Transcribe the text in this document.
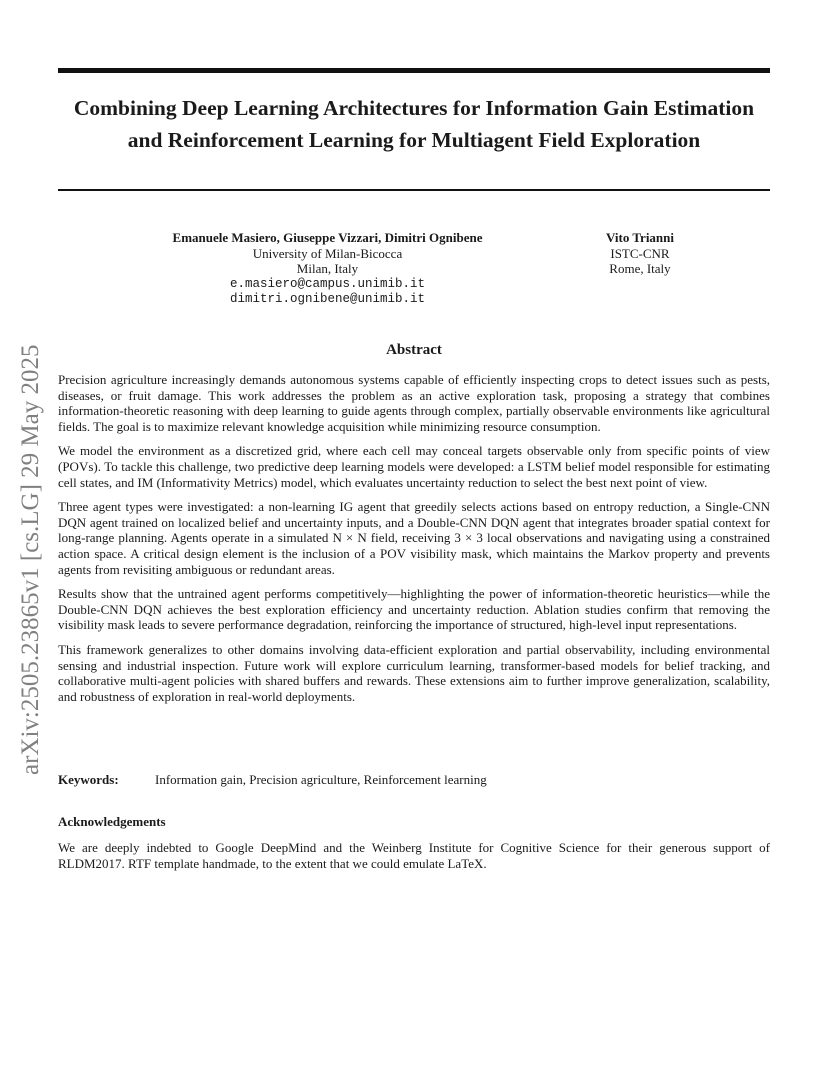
arXiv:2505.23865v1 [cs.LG] 29 May 2025
Combining Deep Learning Architectures for Information Gain Estimation and Reinforcement Learning for Multiagent Field Exploration
Emanuele Masiero, Giuseppe Vizzari, Dimitri Ognibene
University of Milan-Bicocca
Milan, Italy
e.masiero@campus.unimib.it
dimitri.ognibene@unimib.it
Vito Trianni
ISTC-CNR
Rome, Italy
Abstract

Precision agriculture increasingly demands autonomous systems capable of efficiently inspecting crops to detect issues such as pests, diseases, or fruit damage. This work addresses the problem as an active exploration task, proposing a strategy that combines information-theoretic reasoning with deep learning to guide agents through complex, partially observable environments like agricultural fields. The goal is to maximize relevant knowledge acquisition while minimizing resource consumption.

We model the environment as a discretized grid, where each cell may conceal targets observable only from specific points of view (POVs). To tackle this challenge, two predictive deep learning models were developed: a LSTM belief model responsible for estimating cell states, and IM (Informativity Metrics) model, which evaluates uncertainty reduction to select the best next point of view.

Three agent types were investigated: a non-learning IG agent that greedily selects actions based on entropy reduction, a Single-CNN DQN agent trained on localized belief and uncertainty inputs, and a Double-CNN DQN agent that integrates broader spatial context for long-range planning. Agents operate in a simulated N × N field, receiving 3 × 3 local observations and navigating using a constrained action space. A critical design element is the inclusion of a POV visibility mask, which maintains the Markov property and prevents agents from revisiting ambiguous or redundant areas.

Results show that the untrained agent performs competitively—highlighting the power of information-theoretic heuristics—while the Double-CNN DQN achieves the best exploration efficiency and uncertainty reduction. Ablation studies confirm that removing the visibility mask leads to severe performance degradation, reinforcing the importance of structured, high-level input representations.

This framework generalizes to other domains involving data-efficient exploration and partial observability, including environmental sensing and industrial inspection. Future work will explore curriculum learning, transformer-based models for belief tracking, and collaborative multi-agent policies with shared buffers and rewards. These extensions aim to further improve generalization, scalability, and robustness of exploration in real-world deployments.

Keywords:	Information gain, Precision agriculture, Reinforcement learning
Acknowledgements
We are deeply indebted to Google DeepMind and the Weinberg Institute for Cognitive Science for their generous support of RLDM2017. RTF template handmade, to the extent that we could emulate LaTeX.
